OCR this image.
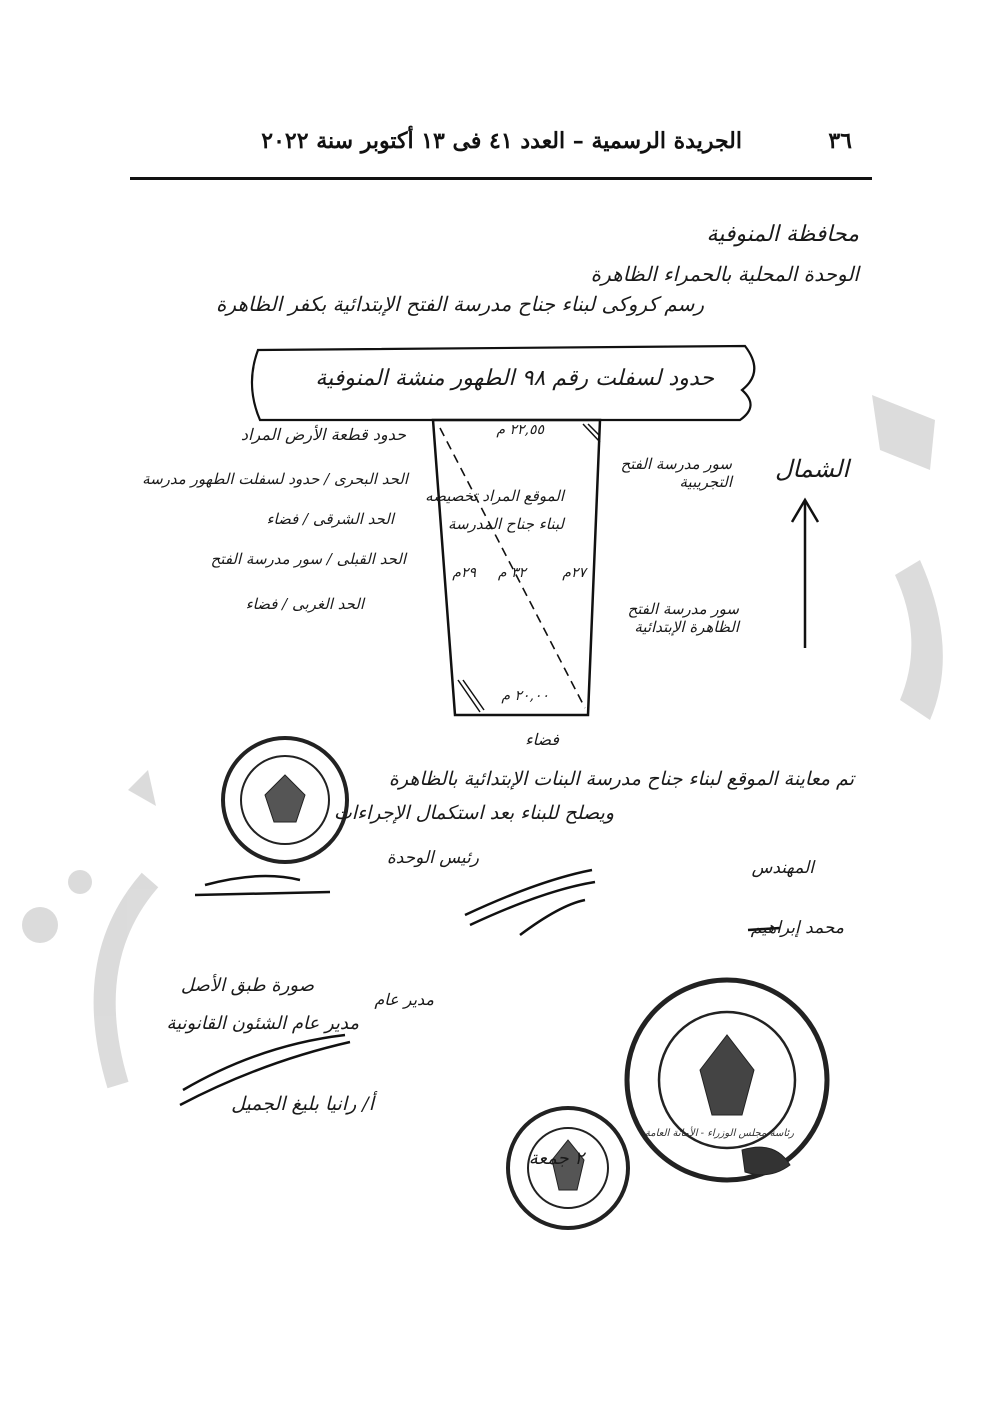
٣٦
الجريدة الرسمية – العدد ٤١ فى ١٣ أكتوبر سنة ٢٠٢٢
محافظة المنوفية
الوحدة المحلية بالحمراء الظاهرة
رسم كروكى لبناء جناح مدرسة الفتح الإبتدائية بكفر الظاهرة
حدود لسفلت رقم ٩٨ الطهور منشة المنوفية
الشمال
سور مدرسة الفتح التجريبية
سور مدرسة الفتح الظاهرة الإبتدائية
فضاء
الموقع المراد تخصيصه
لبناء جناح المدرسة
٢٢,٥٥ م
٢٠,٠٠ م
٢٩م	٢٧م
٣٢ م
حدود قطعة الأرض المراد
الحد البحرى / حدود لسفلت الطهور مدرسة
الحد الشرقى / فضاء
الحد القبلى / سور مدرسة الفتح
الحد الغربى / فضاء
تم معاينة الموقع لبناء جناح مدرسة البنات الإبتدائية بالظاهرة
ويصلح للبناء بعد استكمال الإجراءات
المهندس
محمد إبراهيم
رئيس الوحدة
صورة طبق الأصل
مدير عام الشئون القانونية
أ/ رانيا بليغ الجميل
مدير عام
٢ جمعة
رئاسة مجلس الوزراء - الأمانة العامة
